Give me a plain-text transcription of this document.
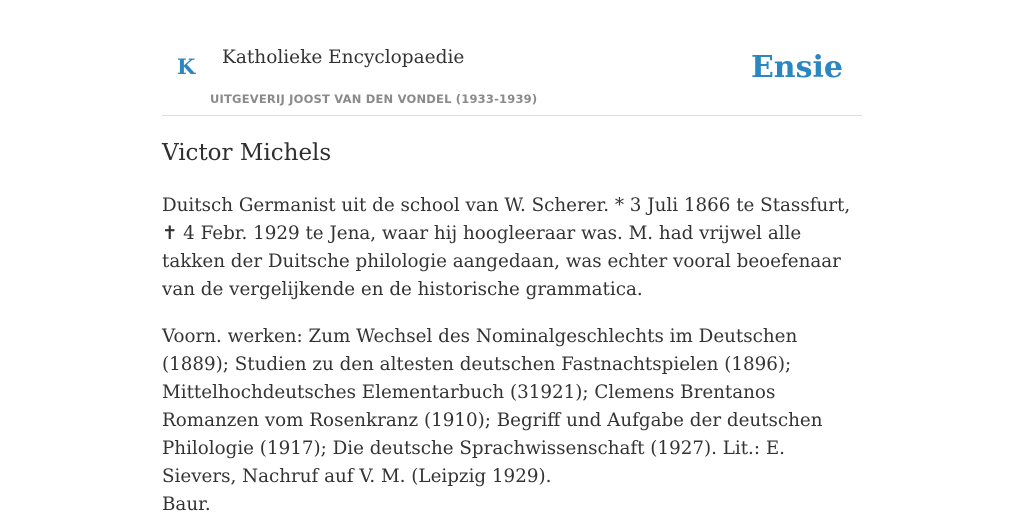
K Katholieke Encyclopaedie
UITGEVERIJ JOOST VAN DEN VONDEL (1933-1939)
Ensie
Victor Michels

Duitsch Germanist uit de school van W. Scherer. * 3 Juli 1866 te Stassfurt, ✝ 4 Febr. 1929 te Jena, waar hij hoogleeraar was. M. had vrijwel alle takken der Duitsche philologie aangedaan, was echter vooral beoefenaar van de vergelijkende en de historische grammatica.

Voorn. werken: Zum Wechsel des Nominalgeschlechts im Deutschen (1889); Studien zu den altesten deutschen Fastnachtspielen (1896); Mittelhochdeutsches Elementarbuch (31921); Clemens Brentanos Romanzen vom Rosenkranz (1910); Begriff und Aufgabe der deutschen Philologie (1917); Die deutsche Sprachwissenschaft (1927). Lit.: E. Sievers, Nachruf auf V. M. (Leipzig 1929).

Baur.
